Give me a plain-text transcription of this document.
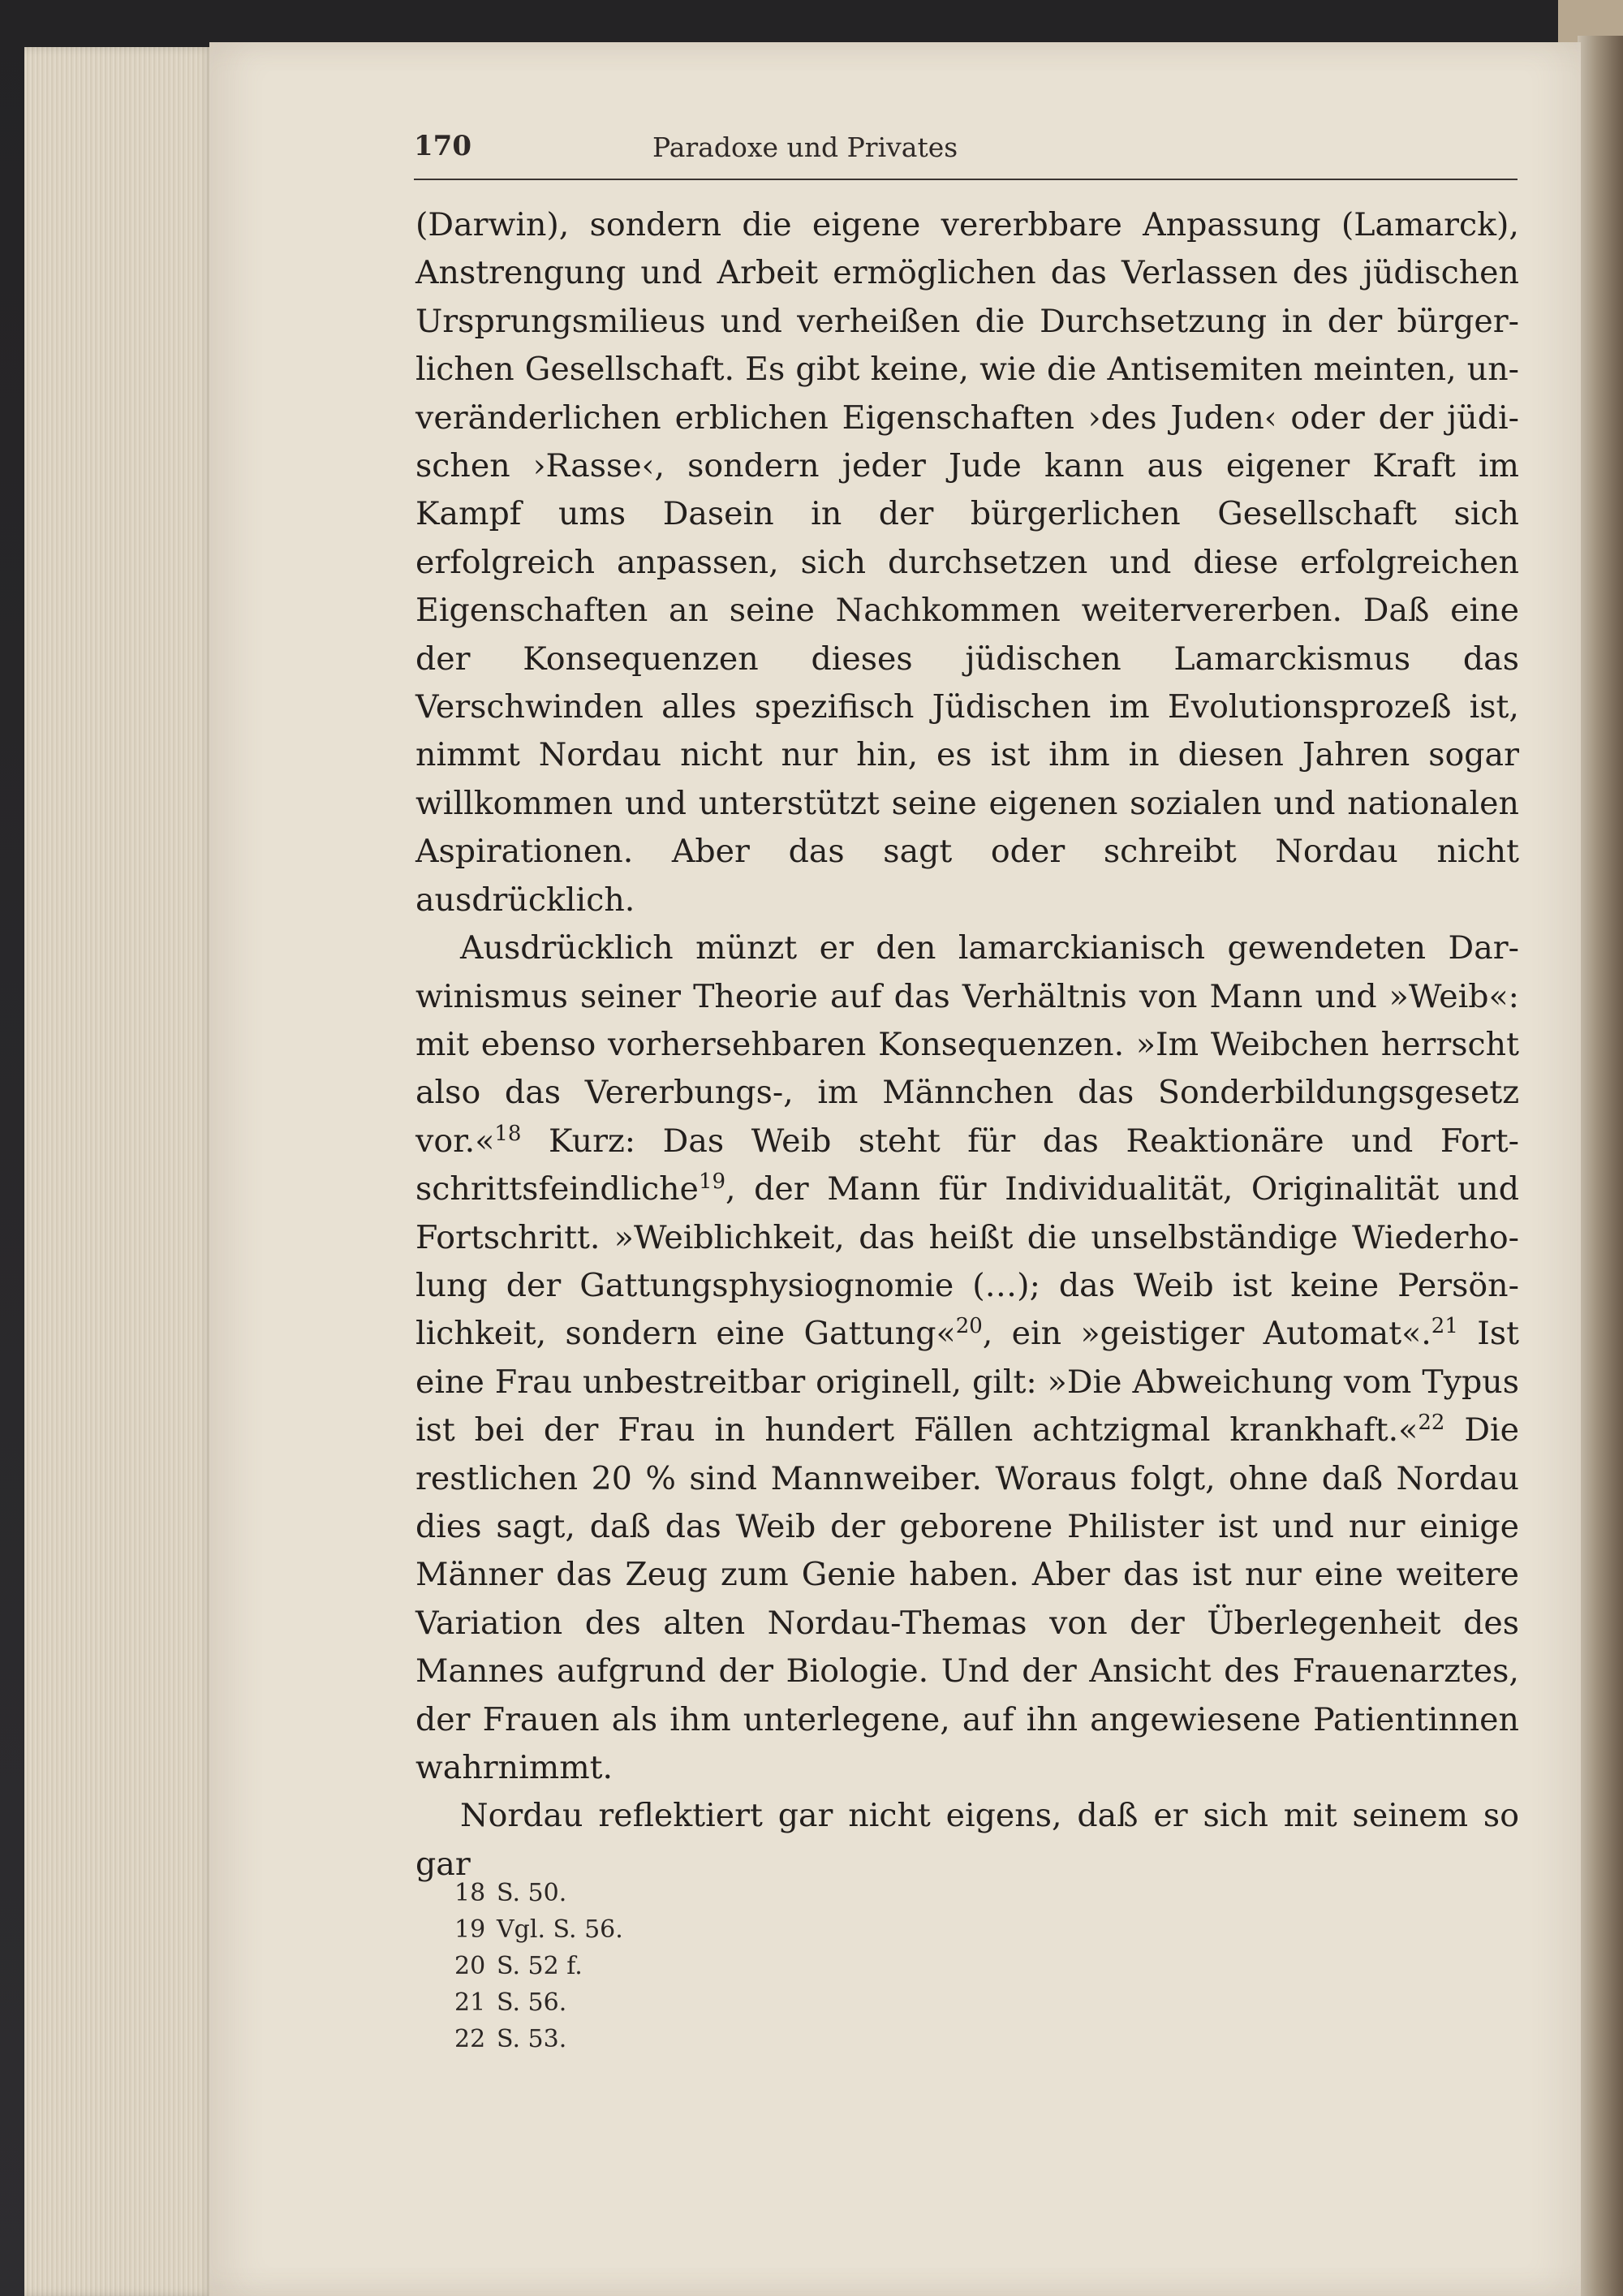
170	Paradoxe und Privates

(Darwin), sondern die eigene vererbbare Anpassung (Lamarck), Anstrengung und Arbeit ermöglichen das Verlassen des jüdischen Ursprungsmilieus und verheißen die Durchsetzung in der bürgerlichen Gesellschaft. Es gibt keine, wie die Antisemiten meinten, unveränderlichen erblichen Eigenschaften ›des Juden‹ oder der jüdischen ›Rasse‹, sondern jeder Jude kann aus eigener Kraft im Kampf ums Dasein in der bürgerlichen Gesellschaft sich erfolgreich anpassen, sich durchsetzen und diese erfolgreichen Eigenschaften an seine Nachkommen weitervererben. Daß eine der Konsequenzen dieses jüdischen Lamarckismus das Verschwinden alles spezifisch Jüdischen im Evolutionsprozeß ist, nimmt Nordau nicht nur hin, es ist ihm in diesen Jahren sogar willkommen und unterstützt seine eigenen sozialen und nationalen Aspirationen. Aber das sagt oder schreibt Nordau nicht ausdrücklich.

Ausdrücklich münzt er den lamarckianisch gewendeten Darwinismus seiner Theorie auf das Verhältnis von Mann und »Weib«: mit ebenso vorhersehbaren Konsequenzen. »Im Weibchen herrscht also das Vererbungs-, im Männchen das Sonderbildungsgesetz vor.«$^{18}$ Kurz: Das Weib steht für das Reaktionäre und Fortschrittsfeindliche$^{19}$, der Mann für Individualität, Originalität und Fortschritt. »Weiblichkeit, das heißt die unselbständige Wiederholung der Gattungsphysiognomie (…); das Weib ist keine Persönlichkeit, sondern eine Gattung«$^{20}$, ein »geistiger Automat«.$^{21}$ Ist eine Frau unbestreitbar originell, gilt: »Die Abweichung vom Typus ist bei der Frau in hundert Fällen achtzigmal krankhaft.«$^{22}$ Die restlichen 20 % sind Mannweiber. Woraus folgt, ohne daß Nordau dies sagt, daß das Weib der geborene Philister ist und nur einige Männer das Zeug zum Genie haben. Aber das ist nur eine weitere Variation des alten Nordau-Themas von der Überlegenheit des Mannes aufgrund der Biologie. Und der Ansicht des Frauenarztes, der Frauen als ihm unterlegene, auf ihn angewiesene Patientinnen wahrnimmt.

Nordau reflektiert gar nicht eigens, daß er sich mit seinem so gar

18 S. 50.
19 Vgl. S. 56.
20 S. 52 f.
21 S. 56.
22 S. 53.
